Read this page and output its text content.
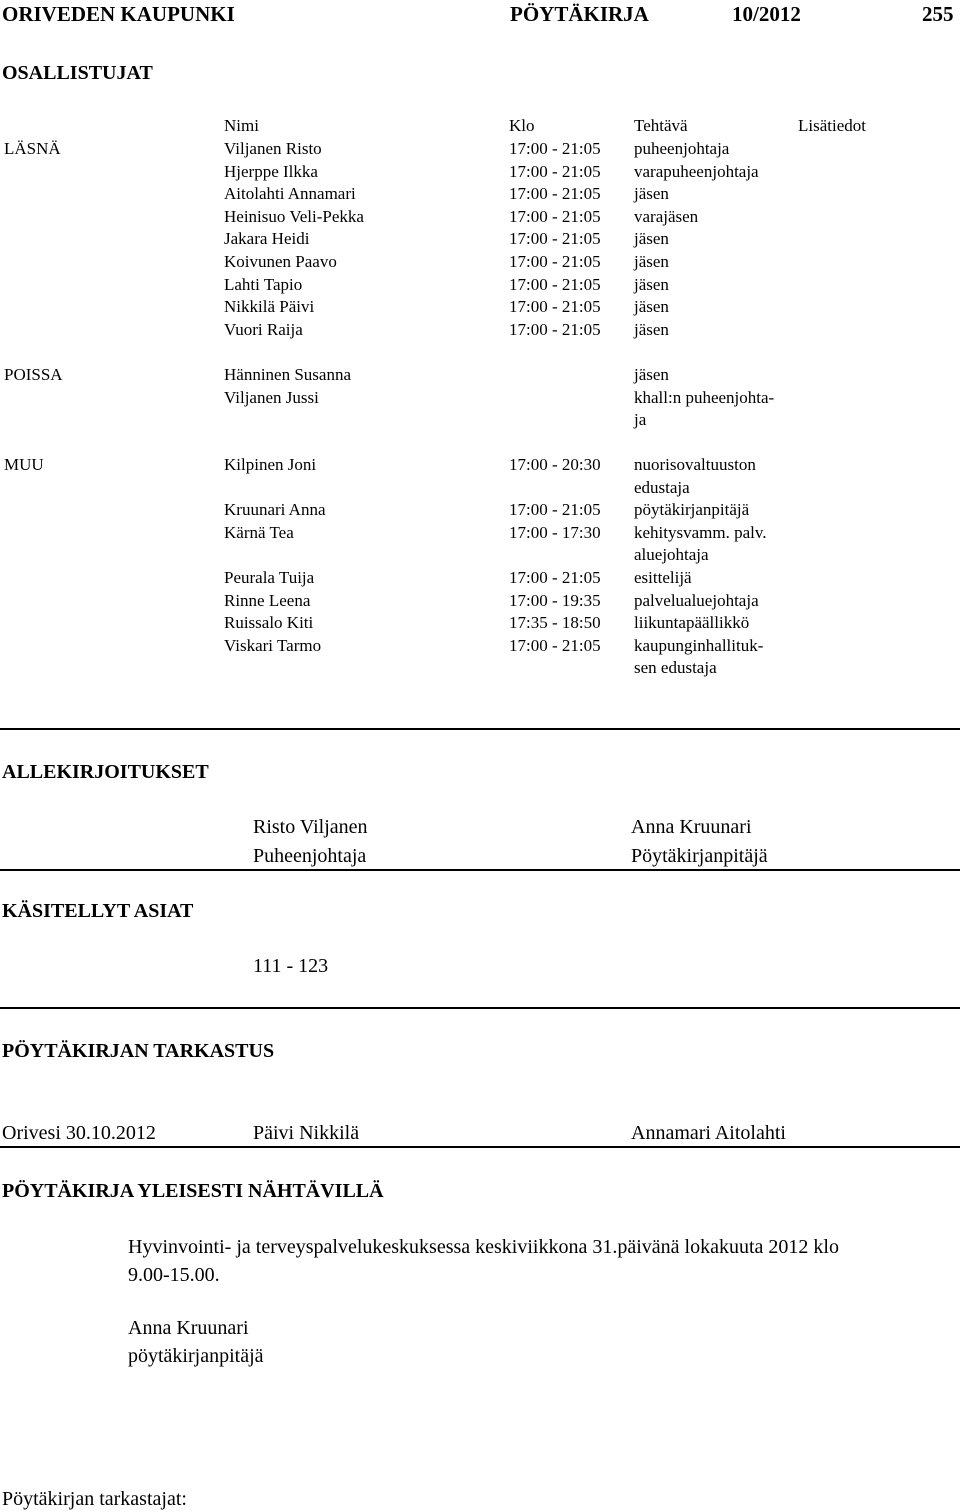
ORIVEDEN KAUPUNKI	PÖYTÄKIRJA	10/2012	255
OSALLISTUJAT
Nimi	Klo	Tehtävä	Lisätiedot
LÄSNÄ	Viljanen Risto	17:00 - 21:05 puheenjohtaja
Hjerppe Ilkka	17:00 - 21:05 varapuheenjohtaja
Aitolahti Annamari	17:00 - 21:05 jäsen
Heinisuo Veli-Pekka	17:00 - 21:05 varajäsen
Jakara Heidi	17:00 - 21:05 jäsen
Koivunen Paavo	17:00 - 21:05 jäsen
Lahti Tapio	17:00 - 21:05 jäsen
Nikkilä Päivi	17:00 - 21:05 jäsen
Vuori Raija	17:00 - 21:05 jäsen
POISSA	Hänninen Susanna	jäsen
Viljanen Jussi	khall:n puheenjohta-
ja
MUU	Kilpinen Joni	17:00 - 20:30 nuorisovaltuuston
edustaja
Kruunari Anna	17:00 - 21:05 pöytäkirjanpitäjä
Kärnä Tea	17:00 - 17:30 kehitysvamm. palv.
aluejohtaja
Peurala Tuija	17:00 - 21:05 esittelijä
Rinne Leena	17:00 - 19:35 palvelualuejohtaja
Ruissalo Kiti	17:35 - 18:50 liikuntapäällikkö
Viskari Tarmo	17:00 - 21:05 kaupunginhallituk-
sen edustaja
ALLEKIRJOITUKSET
Risto Viljanen
Puheenjohtaja
Anna Kruunari
Pöytäkirjanpitäjä
KÄSITELLYT ASIAT
111 - 123
PÖYTÄKIRJAN TARKASTUS
Orivesi 30.10.2012	Päivi Nikkilä	Annamari Aitolahti
PÖYTÄKIRJA YLEISESTI NÄHTÄVILLÄ
Hyvinvointi- ja terveyspalvelukeskuksessa keskiviikkona 31.päivänä lokakuuta 2012 klo
9.00-15.00.
Anna Kruunari
pöytäkirjanpitäjä
Pöytäkirjan tarkastajat:
